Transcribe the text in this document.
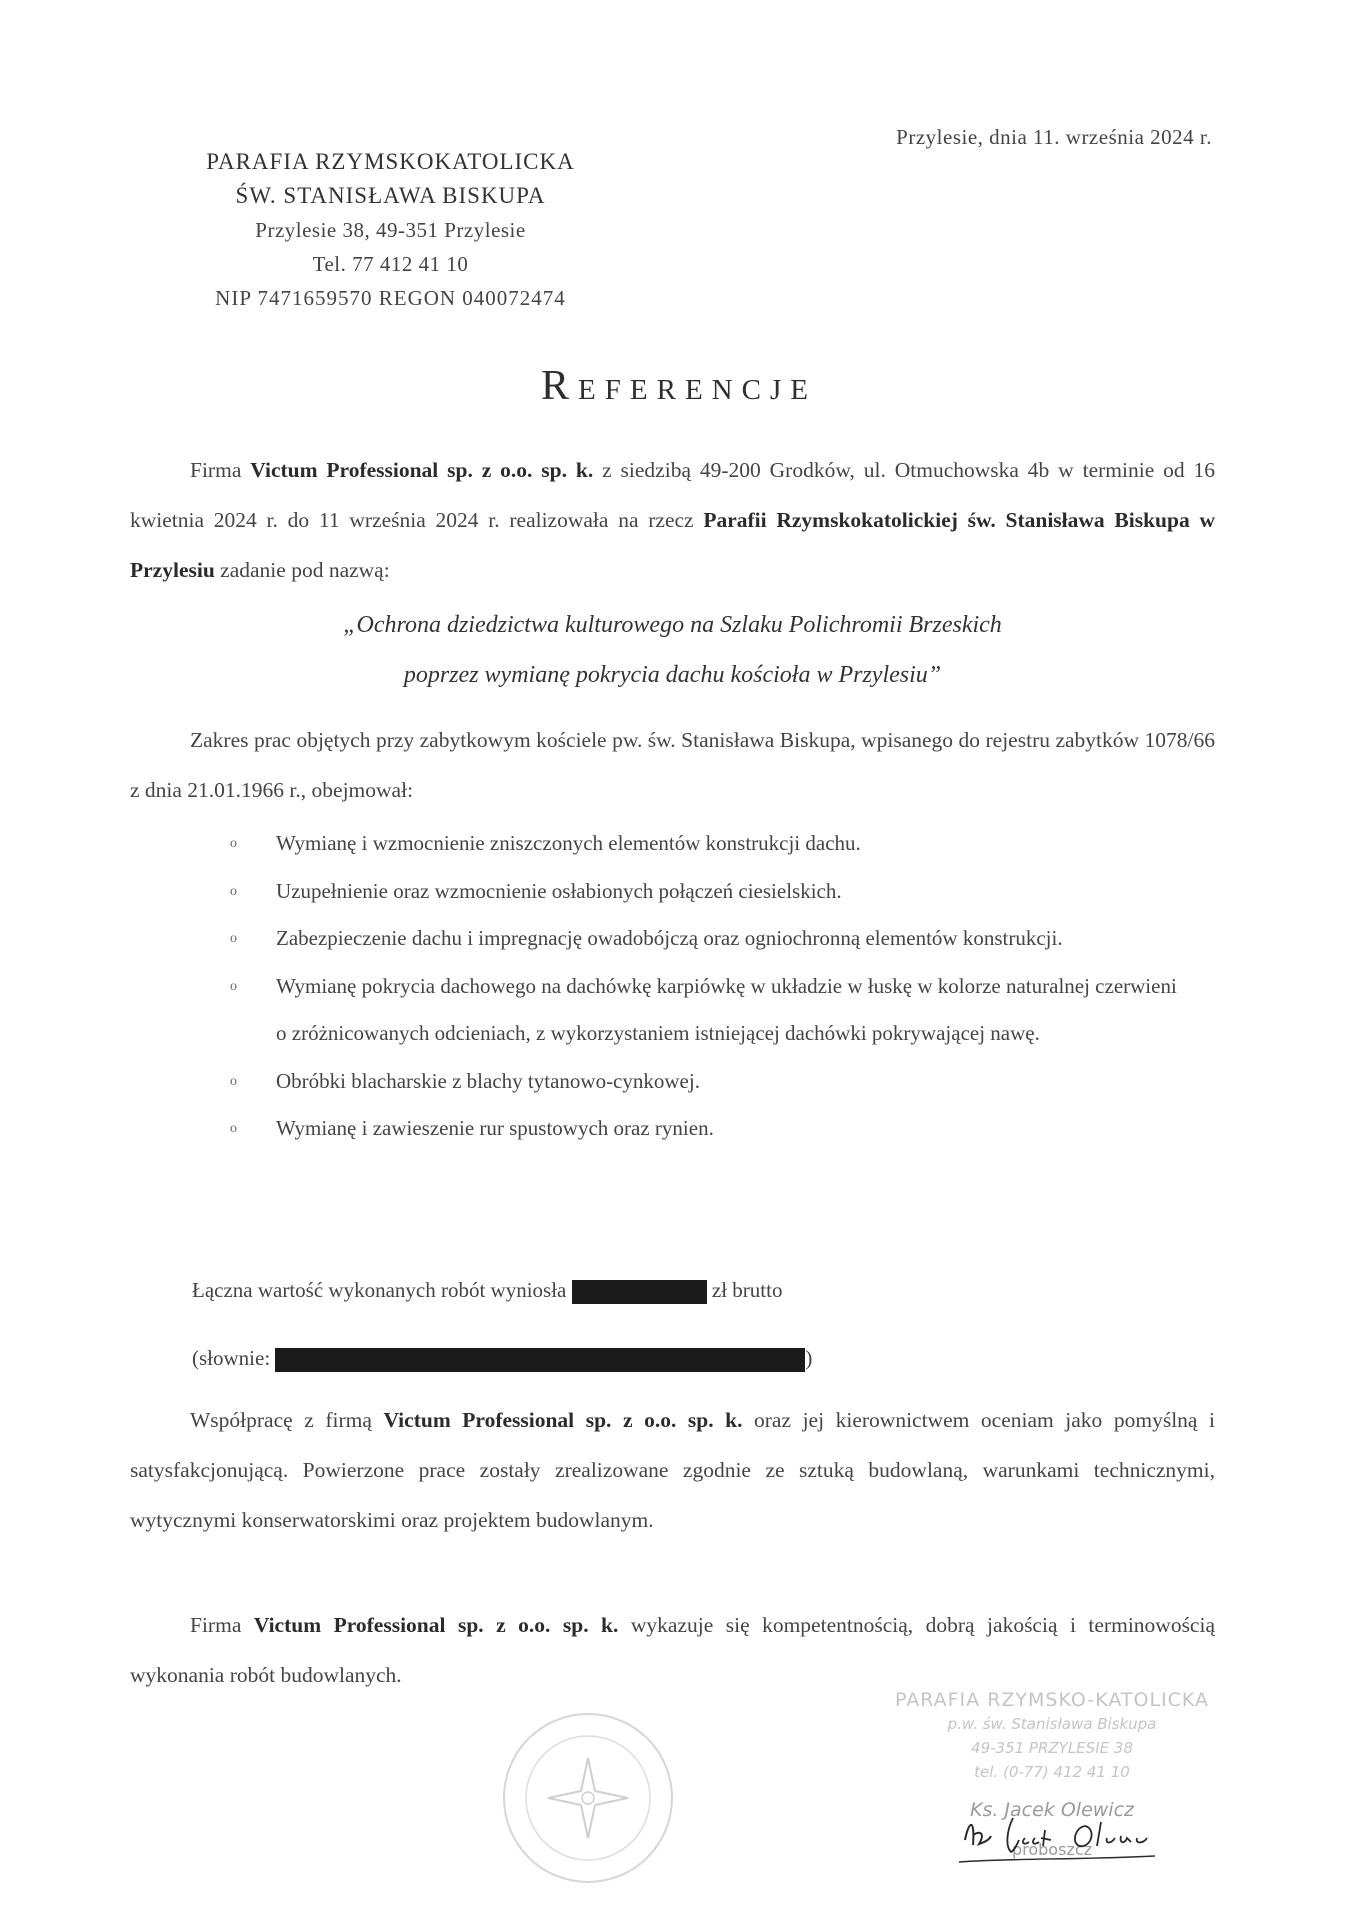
Przylesie, dnia 11. września 2024 r.
PARAFIA RZYMSKOKATOLICKA
ŚW. STANISŁAWA BISKUPA
Przylesie 38, 49-351 Przylesie
Tel. 77 412 41 10
NIP 7471659570 REGON 040072474
Referencje
Firma Victum Professional sp. z o.o. sp. k. z siedzibą 49-200 Grodków, ul. Otmuchowska 4b w terminie od 16 kwietnia 2024 r. do 11 września 2024 r. realizowała na rzecz Parafii Rzymskokatolickiej św. Stanisława Biskupa w Przylesiu zadanie pod nazwą:
„Ochrona dziedzictwa kulturowego na Szlaku Polichromii Brzeskich
poprzez wymianę pokrycia dachu kościoła w Przylesiu”
Zakres prac objętych przy zabytkowym kościele pw. św. Stanisława Biskupa, wpisanego do rejestru zabytków 1078/66 z dnia 21.01.1966 r., obejmował:
o Wymianę i wzmocnienie zniszczonych elementów konstrukcji dachu.
o Uzupełnienie oraz wzmocnienie osłabionych połączeń ciesielskich.
o Zabezpieczenie dachu i impregnację owadobójczą oraz ogniochronną elementów konstrukcji.
o Wymianę pokrycia dachowego na dachówkę karpiówkę w układzie w łuskę w kolorze naturalnej czerwieni o zróżnicowanych odcieniach, z wykorzystaniem istniejącej dachówki pokrywającej nawę.
o Obróbki blacharskie z blachy tytanowo-cynkowej.
o Wymianę i zawieszenie rur spustowych oraz rynien.
Łączna wartość wykonanych robót wyniosła	zł brutto
(słownie:	)
Współpracę z firmą Victum Professional sp. z o.o. sp. k. oraz jej kierownictwem oceniam jako pomyślną i satysfakcjonującą. Powierzone prace zostały zrealizowane zgodnie ze sztuką budowlaną, warunkami technicznymi, wytycznymi konserwatorskimi oraz projektem budowlanym.
Firma Victum Professional sp. z o.o. sp. k. wykazuje się kompetentnością, dobrą jakością i terminowością wykonania robót budowlanych.
PARAFIA RZYMSKO-KATOLICKA
p.w. św. Stanisława Biskupa
49-351 PRZYLESIE 38
tel. (0-77) 412 41 10
Ks. Jacek Olewicz
proboszcz
